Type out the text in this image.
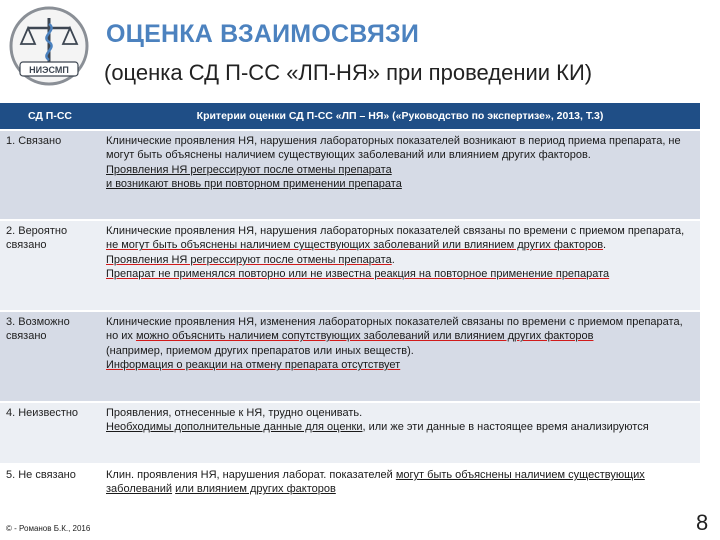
НИЭСМП
ОЦЕНКА ВЗАИМОСВЯЗИ
(оценка СД П-СС «ЛП-НЯ» при проведении КИ)
СД П-СС	Критерии оценки СД П-СС «ЛП – НЯ» («Руководство по экспертизе», 2013, Т.3)
1. Связано	Клинические проявления НЯ, нарушения лабораторных показателей возникают в период приема препарата, не могут быть объяснены наличием существующих заболеваний или влиянием других факторов.
Проявления НЯ регрессируют после отмены препарата
и возникают вновь при повторном применении препарата
2. Вероятно связано	Клинические проявления НЯ, нарушения лабораторных показателей связаны по времени с приемом препарата, не могут быть объяснены наличием существующих заболеваний или влиянием других факторов.
Проявления НЯ регрессируют после отмены препарата.
Препарат не применялся повторно или не известна реакция на повторное применение препарата
3. Возможно связано	Клинические проявления НЯ, изменения лабораторных показателей связаны по времени с приемом препарата, но их можно объяснить наличием сопутствующих заболеваний или влиянием других факторов
(например, приемом других препаратов или иных веществ).
Информация о реакции на отмену препарата отсутствует
4. Неизвестно	Проявления, отнесенные к НЯ, трудно оценивать.
Необходимы дополнительные данные для оценки, или же эти данные в настоящее время анализируются
5. Не связано	Клин. проявления НЯ, нарушения лаборат. показателей могут быть объяснены наличием существующих заболеваний или влиянием других факторов
© - Романов Б.К., 2016	8
